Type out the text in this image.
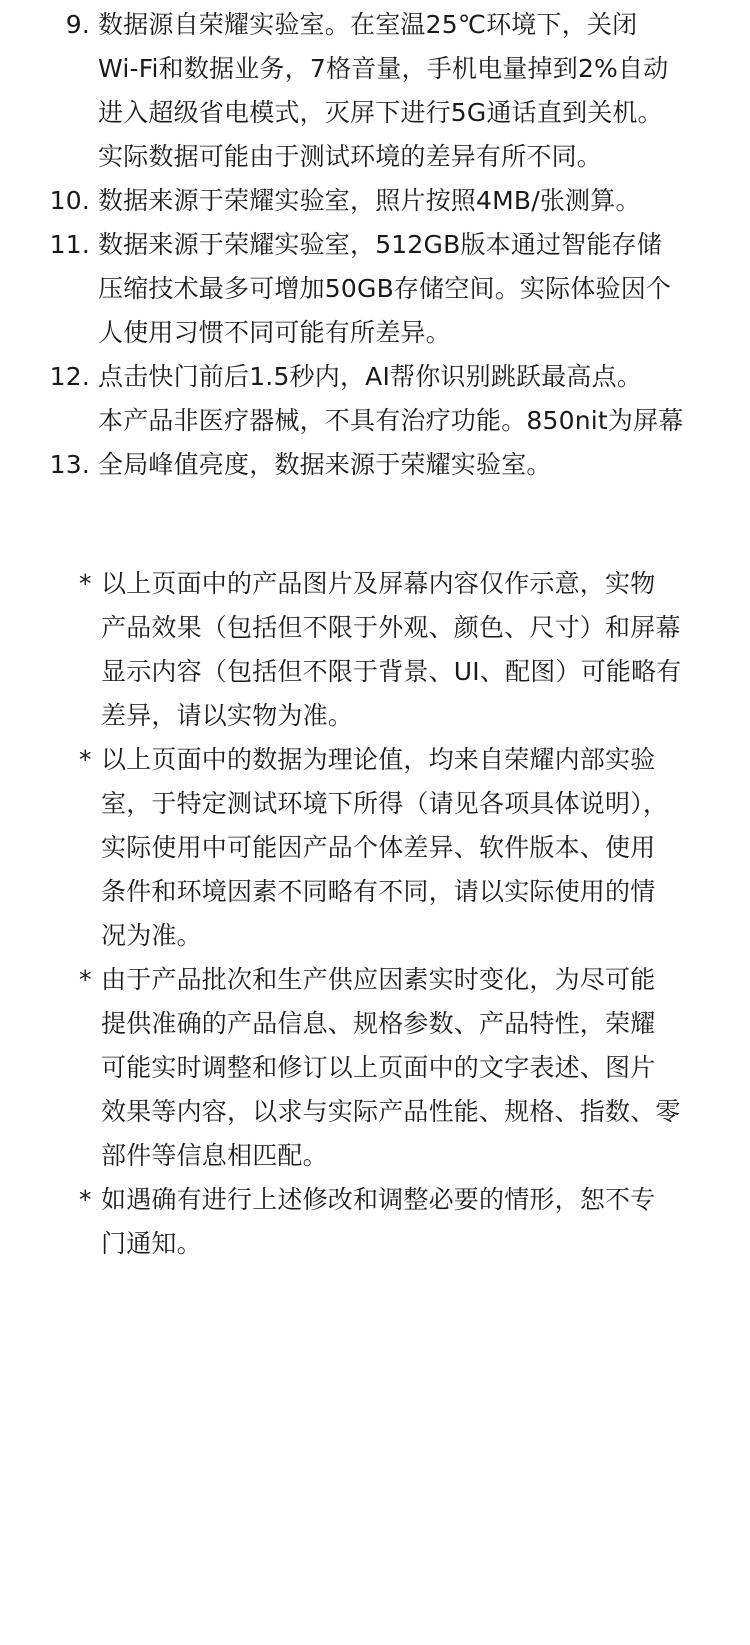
9. 数据源自荣耀实验室。在室温25℃环境下，关闭
Wi-Fi和数据业务，7格音量，手机电量掉到2%自动
进入超级省电模式，灭屏下进行5G通话直到关机。
实际数据可能由于测试环境的差异有所不同。
10. 数据来源于荣耀实验室，照片按照4MB/张测算。
11. 数据来源于荣耀实验室，512GB版本通过智能存储
压缩技术最多可增加50GB存储空间。实际体验因个
人使用习惯不同可能有所差异。
12. 点击快门前后1.5秒内，AI帮你识别跳跃最高点。
本产品非医疗器械，不具有治疗功能。850nit为屏幕
13. 全局峰值亮度，数据来源于荣耀实验室。
* 以上页面中的产品图片及屏幕内容仅作示意，实物
产品效果（包括但不限于外观、颜色、尺寸）和屏幕
显示内容（包括但不限于背景、UI、配图）可能略有
差异，请以实物为准。
* 以上页面中的数据为理论值，均来自荣耀内部实验
室，于特定测试环境下所得（请见各项具体说明），
实际使用中可能因产品个体差异、软件版本、使用
条件和环境因素不同略有不同，请以实际使用的情
况为准。
* 由于产品批次和生产供应因素实时变化，为尽可能
提供准确的产品信息、规格参数、产品特性，荣耀
可能实时调整和修订以上页面中的文字表述、图片
效果等内容，以求与实际产品性能、规格、指数、零
部件等信息相匹配。
* 如遇确有进行上述修改和调整必要的情形，恕不专
门通知。
